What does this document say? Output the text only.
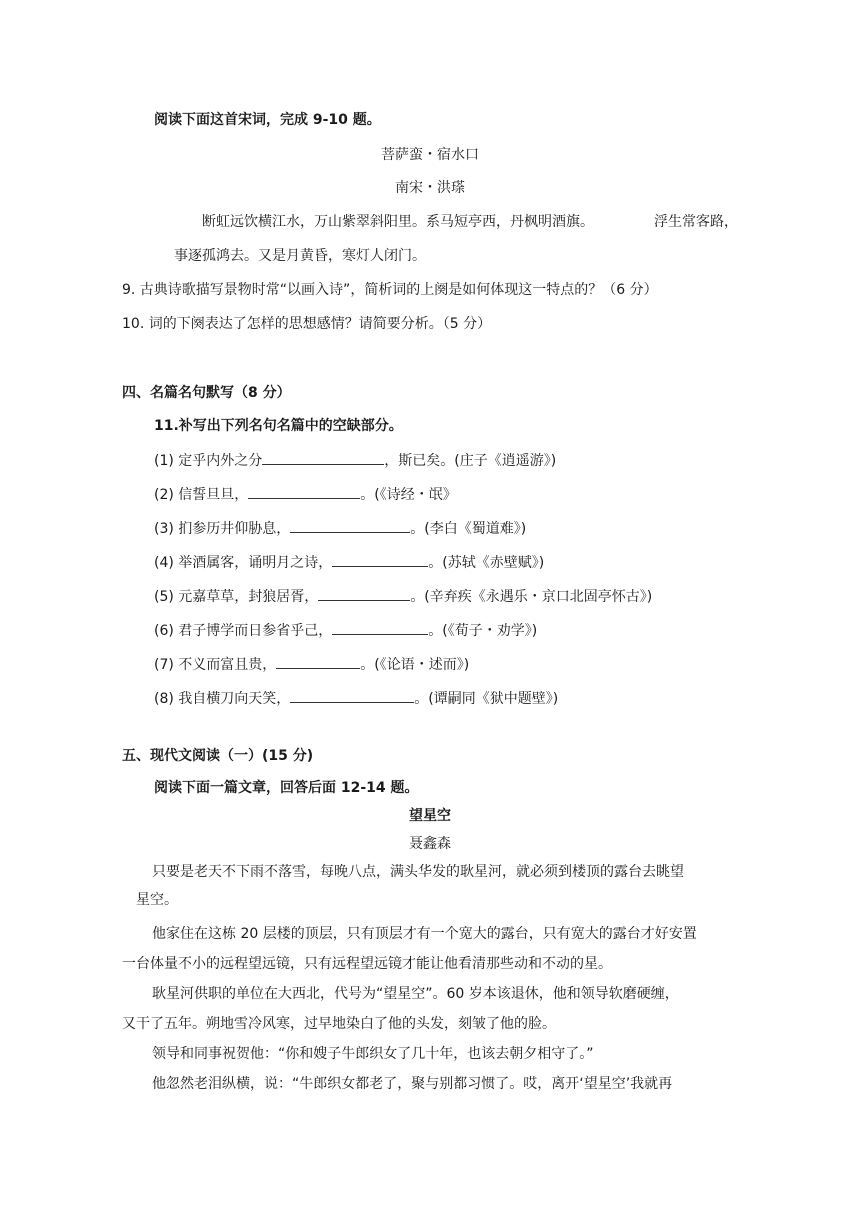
阅读下面这首宋词，完成 9-10 题。
菩萨蛮・宿水口
南宋・洪瑹
断虹远饮横江水，万山紫翠斜阳里。系马短亭西，丹枫明酒旗。	浮生常客路，
事逐孤鸿去。又是月黄昏，寒灯人闭门。
9. 古典诗歌描写景物时常“以画入诗”，简析词的上阕是如何体现这一特点的？（6 分）
10. 词的下阕表达了怎样的思想感情？请简要分析。（5 分）
四、名篇名句默写（8 分）
11.补写出下列名句名篇中的空缺部分。
(1) 定乎内外之分	，斯已矣。(庄子《逍遥游》)
(2) 信誓旦旦，	。(《诗经・氓》
(3) 扪参历井仰胁息，	。(李白《蜀道难》)
(4) 举酒属客，诵明月之诗，	。(苏轼《赤壁赋》)
(5) 元嘉草草，封狼居胥，	。(辛弃疾《永遇乐・京口北固亭怀古》)
(6) 君子博学而日参省乎己，	。(《荀子・劝学》)
(7) 不义而富且贵，	。(《论语・述而》)
(8) 我自横刀向天笑，	。(谭嗣同《狱中题壁》)
五、现代文阅读（一）(15 分)
阅读下面一篇文章，回答后面 12-14 题。
望星空
聂鑫森
只要是老天不下雨不落雪，每晚八点，满头华发的耿星河，就必须到楼顶的露台去眺望
星空。
他家住在这栋 20 层楼的顶层，只有顶层才有一个宽大的露台，只有宽大的露台才好安置
一台体量不小的远程望远镜，只有远程望远镜才能让他看清那些动和不动的星。
耿星河供职的单位在大西北，代号为“望星空”。60 岁本该退休，他和领导软磨硬缠，
又干了五年。朔地雪冷风寒，过早地染白了他的头发，刻皱了他的脸。
领导和同事祝贺他：“你和嫂子牛郎织女了几十年，也该去朝夕相守了。”
他忽然老泪纵横，说：“牛郎织女都老了，聚与别都习惯了。哎，离开‘望星空’我就再
